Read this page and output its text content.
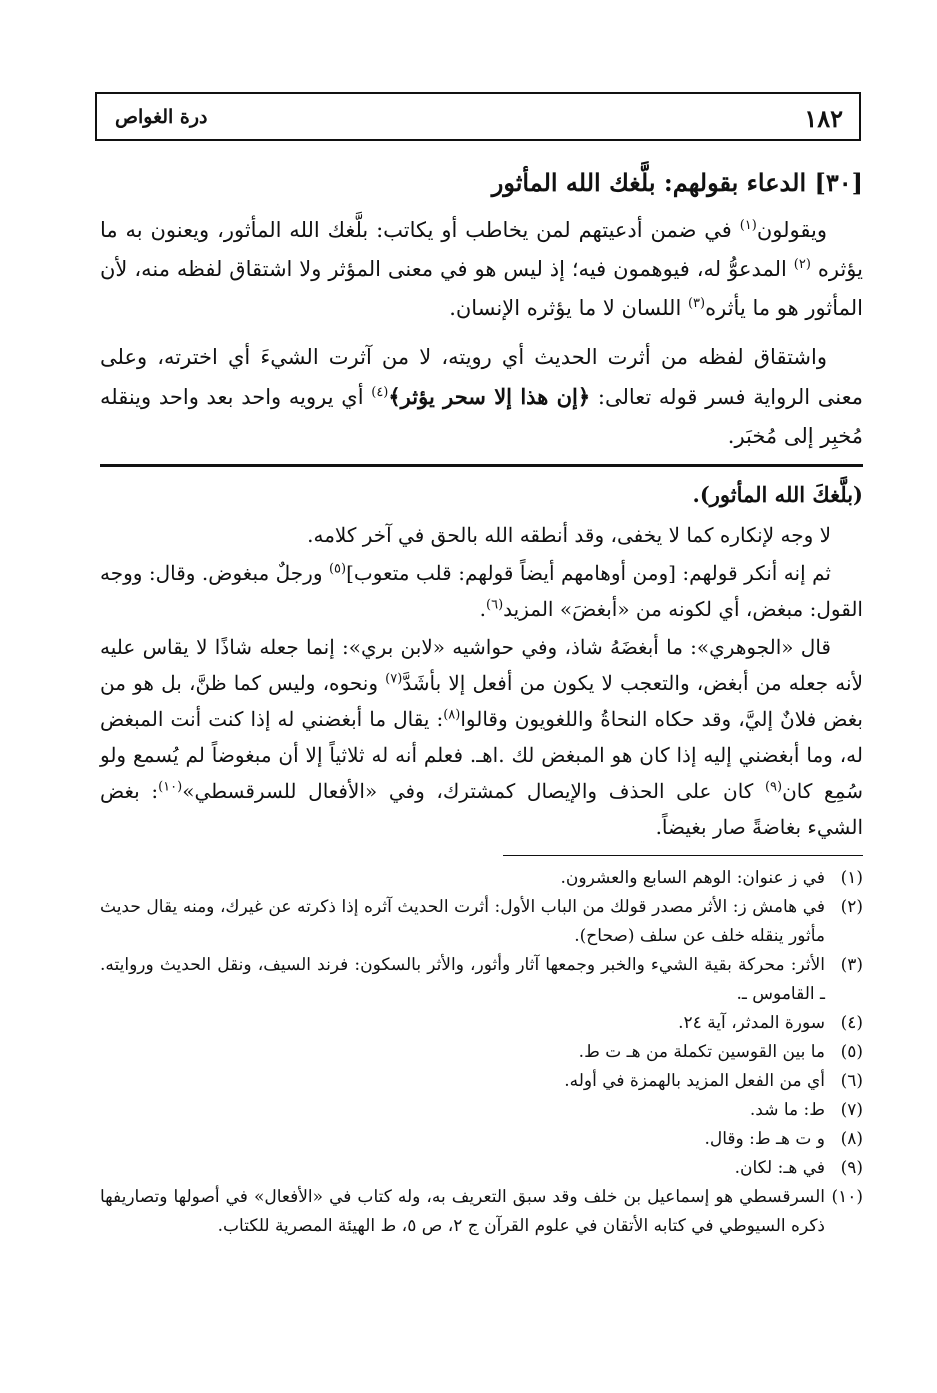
١٨٢
درة الغواص
[٣٠] الدعاء بقولهم: بلَّغك الله المأثور

ويقولون$^{(١)}$ في ضمن أدعيتهم لمن يخاطب أو يكاتب: بلَّغك الله المأثور، ويعنون به ما يؤثره $^{(٢)}$ المدعوُّ له، فيوهمون فيه؛ إذ ليس هو في معنى المؤثر ولا اشتقاق لفظه منه، لأن المأثور هو ما يأثره$^{(٣)}$ اللسان لا ما يؤثره الإنسان.

واشتقاق لفظه من أثرت الحديث أي رويته، لا من آثرت الشيءَ أي اخترته، وعلى معنى الرواية فسر قوله تعالى: ﴿إن هذا إلا سحر يؤثر﴾$^{(٤)}$ أي يرويه واحد بعد واحد وينقله مُخبِر إلى مُخبَر.

(بلَّغكَ الله المأثور).

لا وجه لإنكاره كما لا يخفى، وقد أنطقه الله بالحق في آخر كلامه.

ثم إنه أنكر قولهم: [ومن أوهامهم أيضاً قولهم: قلب متعوب]$^{(٥)}$ ورجلٌ مبغوض. وقال: ووجه القول: مبغض، أي لكونه من «أبغضَ» المزيد$^{(٦)}$.

قال «الجوهري»: ما أبغضَهُ شاذ، وفي حواشيه «لابن بري»: إنما جعله شاذًا لا يقاس عليه لأنه جعله من أبغض، والتعجب لا يكون من أفعل إلا بأشَدَّ$^{(٧)}$ ونحوه، وليس كما ظنَّ، بل هو من بغض فلانٌ إليَّ، وقد حكاه النحاةُ واللغويون وقالوا$^{(٨)}$: يقال ما أبغضني له إذا كنت أنت المبغض له، وما أبغضني إليه إذا كان هو المبغض لك .اهـ. فعلم أنه له ثلاثياً إلا أن مبغوضاً لم يُسمع ولو سُمِع كان$^{(٩)}$ كان على الحذف والإيصال كمشترك، وفي «الأفعال للسرقسطي»$^{(١٠)}$: بغض الشيء بغاضةً صار بغيضاً.

(١)
في ز عنوان: الوهم السابع والعشرون.
(٢)
في هامش ز: الأثر مصدر قولك من الباب الأول: أثرت الحديث آثره إذا ذكرته عن غيرك، ومنه يقال حديث مأثور ينقله خلف عن سلف (صحاح).
(٣)
الأثر: محركة بقية الشيء والخبر وجمعها آثار وأثور، والأثر بالسكون: فرند السيف، ونقل الحديث وروايته. ـ القاموس ـ.
(٤)
سورة المدثر، آية ٢٤.
(٥)
ما بين القوسين تكملة من هـ ت ط.
(٦)
أي من الفعل المزيد بالهمزة في أوله.
(٧)
ط: ما شد.
(٨)
و ت هـ ط: وقال.
(٩)
في هـ: لكان.
(١٠)
السرقسطي هو إسماعيل بن خلف وقد سبق التعريف به، وله كتاب في «الأفعال» في أصولها وتصاريفها ذكره السيوطي في كتابه الأتقان في علوم القرآن ج ٢، ص ٥، ط الهيئة المصرية للكتاب.
